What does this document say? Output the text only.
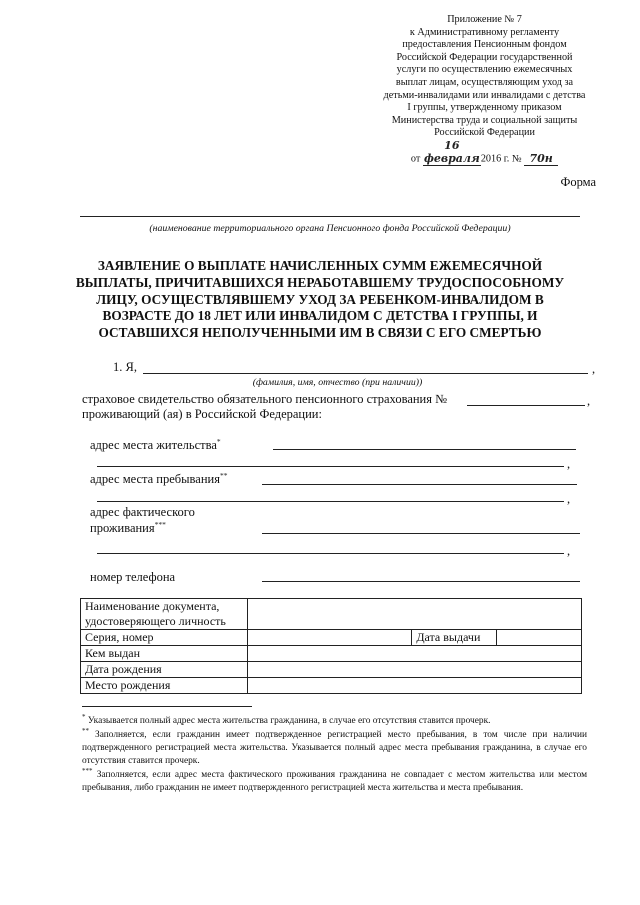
Приложение № 7
к Административному регламенту
предоставления Пенсионным фондом
Российской Федерации государственной
услуги по осуществлению ежемесячных
выплат лицам, осуществляющим уход за
детьми-инвалидами или инвалидами с детства
I группы, утвержденному приказом
Министерства труда и социальной защиты
Российской Федерации
от 16 февраля2016 г. № 70н
Форма
(наименование территориального органа Пенсионного фонда Российской Федерации)
ЗАЯВЛЕНИЕ О ВЫПЛАТЕ НАЧИСЛЕННЫХ СУММ ЕЖЕМЕСЯЧНОЙ
ВЫПЛАТЫ, ПРИЧИТАВШИХСЯ НЕРАБОТАВШЕМУ ТРУДОСПОСОБНОМУ
ЛИЦУ, ОСУЩЕСТВЛЯВШЕМУ УХОД ЗА РЕБЕНКОМ-ИНВАЛИДОМ В
ВОЗРАСТЕ ДО 18 ЛЕТ ИЛИ ИНВАЛИДОМ С ДЕТСТВА I ГРУППЫ, И
ОСТАВШИХСЯ НЕПОЛУЧЕННЫМИ ИМ В СВЯЗИ С ЕГО СМЕРТЬЮ
1. Я,	,
(фамилия, имя, отчество (при наличии))
страховое свидетельство обязательного пенсионного страхования №	,
проживающий (ая) в Российской Федерации:
адрес места жительства*
,
адрес места пребывания**
,
адрес фактического
проживания***
,
номер телефона
Наименование документа,			
удостоверяющего личность			
Серия, номер		Дата выдачи	
Кем выдан			
Дата рождения			
Место рождения			
* Указывается полный адрес места жительства гражданина, в случае его отсутствия ставится прочерк.
** Заполняется, если гражданин имеет подтвержденное регистрацией место пребывания, в том числе при наличии подтвержденного регистрацией места жительства. Указывается полный адрес места пребывания гражданина, в случае его отсутствия ставится прочерк.
*** Заполняется, если адрес места фактического проживания гражданина не совпадает с местом жительства или местом пребывания, либо гражданин не имеет подтвержденного регистрацией места жительства и места пребывания.
